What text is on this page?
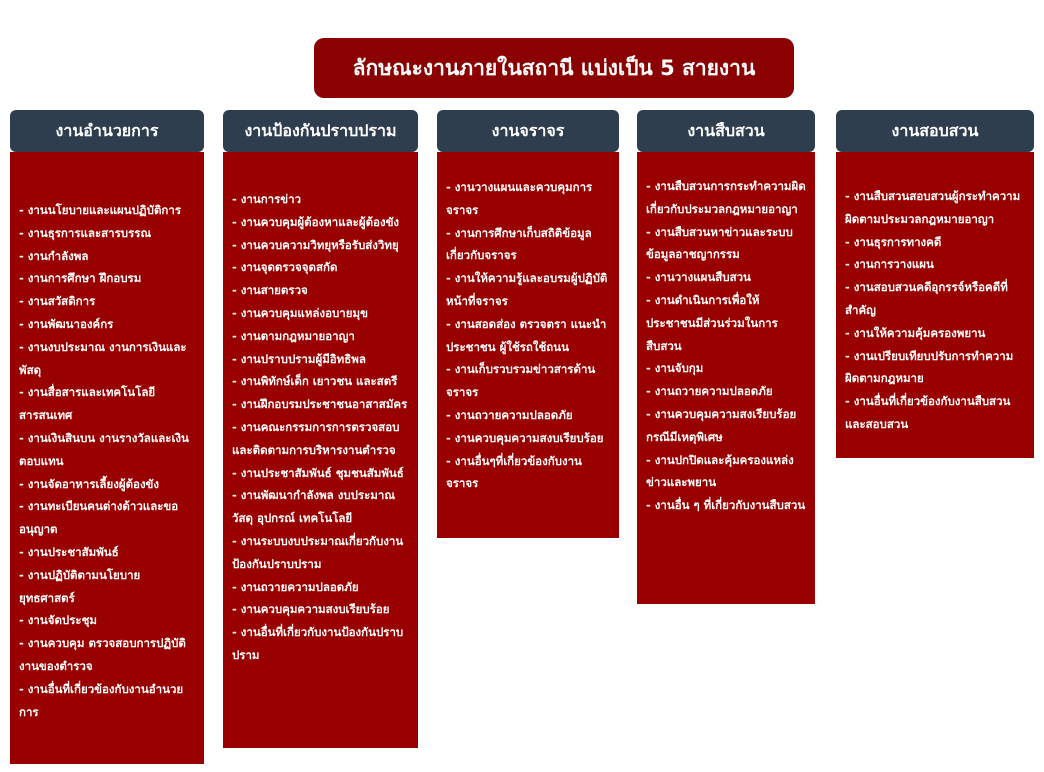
ลักษณะงานภายในสถานี แบ่งเป็น 5 สายงาน
งานอำนวยการ
- งานนโยบายและแผนปฏิบัติการ
- งานธุรการและสารบรรณ
- งานกำลังพล
- งานการศึกษา ฝึกอบรม
- งานสวัสดิการ
- งานพัฒนาองค์กร
- งานงบประมาณ งานการเงินและพัสดุ
- งานสื่อสารและเทคโนโลยีสารสนเทศ
- งานเงินสินบน งานรางวัลและเงินตอบแทน
- งานจัดอาหารเลี้ยงผู้ต้องขัง
- งานทะเบียนคนต่างด้าวและขออนุญาต
- งานประชาสัมพันธ์
- งานปฏิบัติตามนโยบายยุทธศาสตร์
- งานจัดประชุม
- งานควบคุม ตรวจสอบการปฏิบัติงานของตำรวจ
- งานอื่นที่เกี่ยวข้องกับงานอำนวยการ
งานป้องกันปราบปราม
- งานการข่าว
- งานควบคุมผู้ต้องหาและผู้ต้องขัง
- งานควบความวิทยุหรือรับส่งวิทยุ
- งานจุดตรวจจุดสกัด
- งานสายตรวจ
- งานควบคุมแหล่งอบายมุข
- งานตามกฎหมายอาญา
- งานปราบปรามผู้มีอิทธิพล
- งานพิทักษ์เด็ก เยาวชน และสตรี
- งานฝึกอบรมประชาชนอาสาสมัคร
- งานคณะกรรมการการตรวจสอบและติดตามการบริหารงานตำรวจ
- งานประชาสัมพันธ์ ชุมชนสัมพันธ์
- งานพัฒนากำลังพล งบประมาณ วัสดุ อุปกรณ์ เทคโนโลยี
- งานระบบงบประมาณเกี่ยวกับงานป้องกันปราบปราม
- งานถวายความปลอดภัย
- งานควบคุมความสงบเรียบร้อย
- งานอื่นที่เกี่ยวกับงานป้องกันปราบปราม
งานจราจร
- งานวางแผนและควบคุมการจราจร
- งานการศึกษาเก็บสถิติข้อมูลเกี่ยวกับจราจร
- งานให้ความรู้และอบรมผู้ปฏิบัติหน้าที่จราจร
- งานสอดส่อง ตรวจตรา แนะนำประชาชน ผู้ใช้รถใช้ถนน
- งานเก็บรวบรวมข่าวสารด้านจราจร
- งานถวายความปลอดภัย
- งานควบคุมความสงบเรียบร้อย
- งานอื่นๆที่เกี่ยวข้องกับงานจราจร
งานสืบสวน
- งานสืบสวนการกระทำความผิดเกี่ยวกับประมวลกฎหมายอาญา
- งานสืบสวนหาข่าวและระบบข้อมูลอาชญากรรม
- งานวางแผนสืบสวน
- งานดำเนินการเพื่อให้ประชาชนมีส่วนร่วมในการสืบสวน
- งานจับกุม
- งานถวายความปลอดภัย
- งานควบคุมความสงเรียบร้อยกรณีมีเหตุพิเศษ
- งานปกปิดและคุ้มครองแหล่งข่าวและพยาน
- งานอื่น ๆ ที่เกี่ยวกับงานสืบสวน
งานสอบสวน
- งานสืบสวนสอบสวนผู้กระทำความผิดตามประมวลกฎหมายอาญา
- งานธุรการทางคดี
- งานการวางแผน
- งานสอบสวนคดีอุกรรจ์หรือคดีที่สำคัญ
- งานให้ความคุ้มครองพยาน
- งานเปรียบเทียบปรับการทำความผิดตามกฎหมาย
- งานอื่นที่เกี่ยวข้องกับงานสืบสวนและสอบสวน
